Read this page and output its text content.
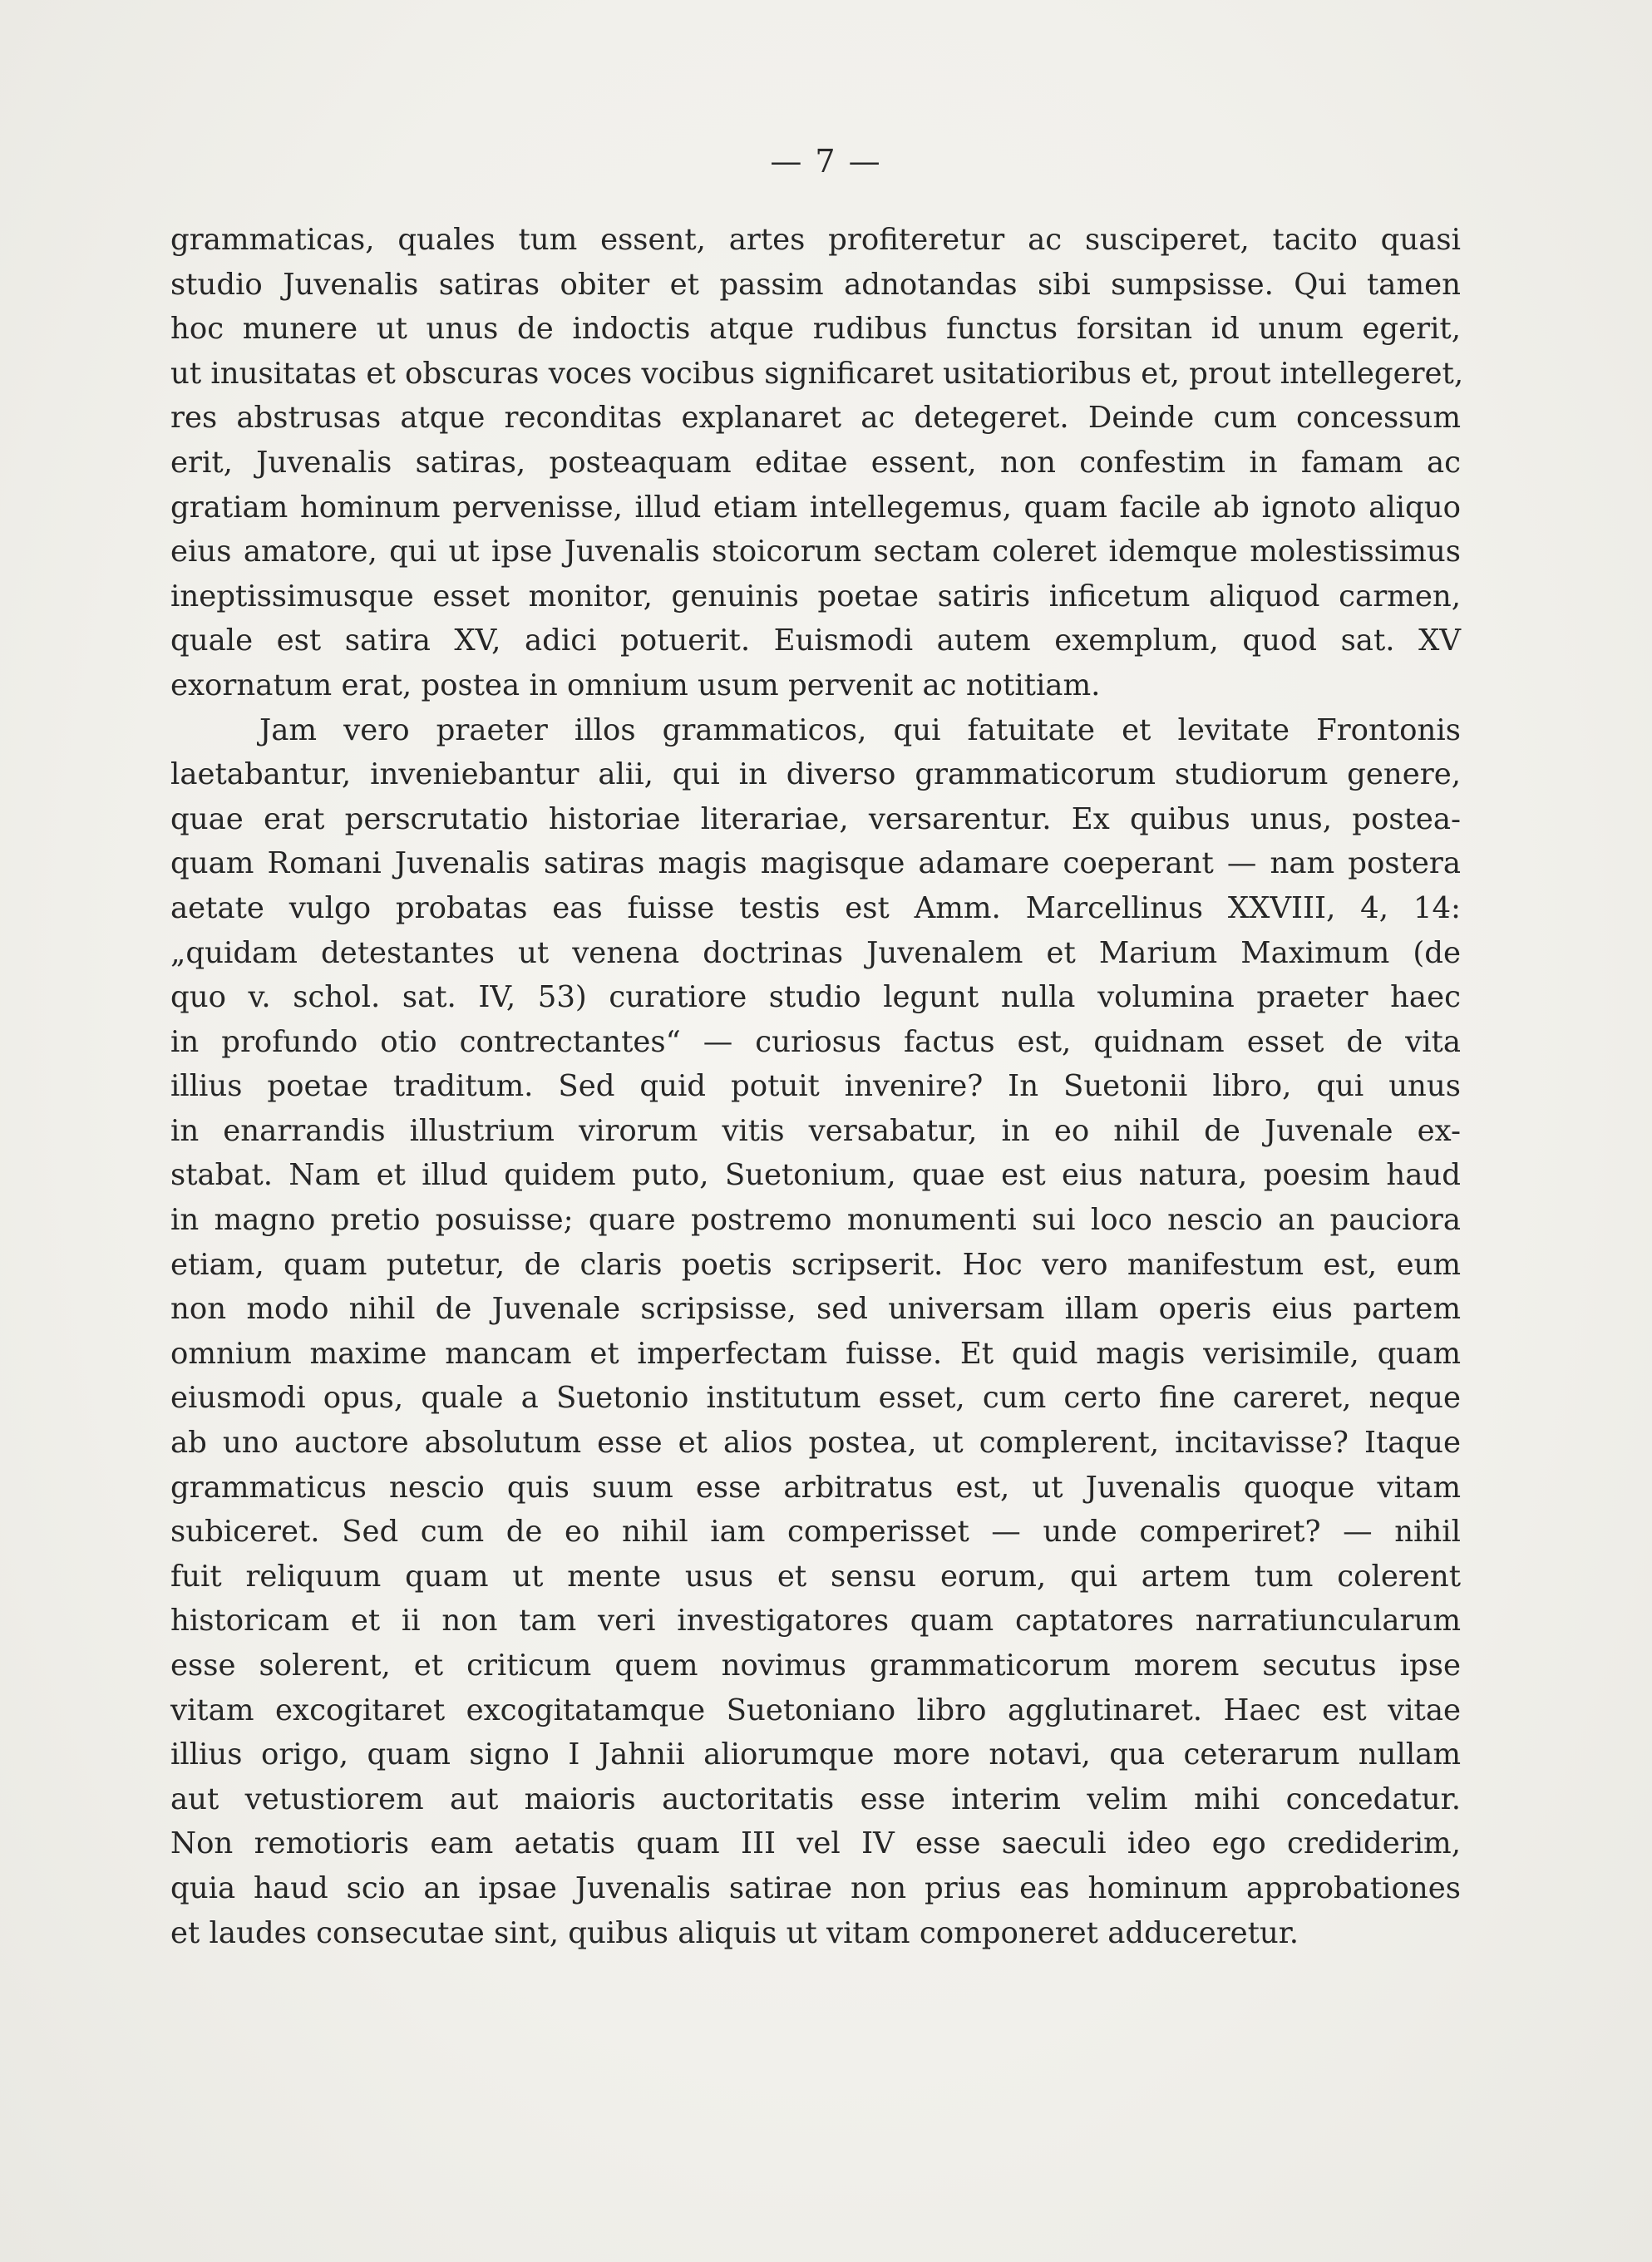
— 7 —
grammaticas, quales tum essent, artes profiteretur ac susciperet, tacito quasi
studio Juvenalis satiras obiter et passim adnotandas sibi sumpsisse. Qui tamen
hoc munere ut unus de indoctis atque rudibus functus forsitan id unum egerit,
ut inusitatas et obscuras voces vocibus significaret usitatioribus et, prout intellegeret,
res abstrusas atque reconditas explanaret ac detegeret. Deinde cum concessum
erit, Juvenalis satiras, posteaquam editae essent, non confestim in famam ac
gratiam hominum pervenisse, illud etiam intellegemus, quam facile ab ignoto aliquo
eius amatore, qui ut ipse Juvenalis stoicorum sectam coleret idemque molestissimus
ineptissimusque esset monitor, genuinis poetae satiris inficetum aliquod carmen,
quale est satira XV, adici potuerit. Euismodi autem exemplum, quod sat. XV
exornatum erat, postea in omnium usum pervenit ac notitiam.
Jam vero praeter illos grammaticos, qui fatuitate et levitate Frontonis
laetabantur, inveniebantur alii, qui in diverso grammaticorum studiorum genere,
quae erat perscrutatio historiae literariae, versarentur. Ex quibus unus, postea-
quam Romani Juvenalis satiras magis magisque adamare coeperant — nam postera
aetate vulgo probatas eas fuisse testis est Amm. Marcellinus XXVIII, 4, 14:
„quidam detestantes ut venena doctrinas Juvenalem et Marium Maximum (de
quo v. schol. sat. IV, 53) curatiore studio legunt nulla volumina praeter haec
in profundo otio contrectantes“ — curiosus factus est, quidnam esset de vita
illius poetae traditum. Sed quid potuit invenire? In Suetonii libro, qui unus
in enarrandis illustrium virorum vitis versabatur, in eo nihil de Juvenale ex-
stabat. Nam et illud quidem puto, Suetonium, quae est eius natura, poesim haud
in magno pretio posuisse; quare postremo monumenti sui loco nescio an pauciora
etiam, quam putetur, de claris poetis scripserit. Hoc vero manifestum est, eum
non modo nihil de Juvenale scripsisse, sed universam illam operis eius partem
omnium maxime mancam et imperfectam fuisse. Et quid magis verisimile, quam
eiusmodi opus, quale a Suetonio institutum esset, cum certo fine careret, neque
ab uno auctore absolutum esse et alios postea, ut complerent, incitavisse? Itaque
grammaticus nescio quis suum esse arbitratus est, ut Juvenalis quoque vitam
subiceret. Sed cum de eo nihil iam comperisset — unde comperiret? — nihil
fuit reliquum quam ut mente usus et sensu eorum, qui artem tum colerent
historicam et ii non tam veri investigatores quam captatores narratiuncularum
esse solerent, et criticum quem novimus grammaticorum morem secutus ipse
vitam excogitaret excogitatamque Suetoniano libro agglutinaret. Haec est vitae
illius origo, quam signo I Jahnii aliorumque more notavi, qua ceterarum nullam
aut vetustiorem aut maioris auctoritatis esse interim velim mihi concedatur.
Non remotioris eam aetatis quam III vel IV esse saeculi ideo ego crediderim,
quia haud scio an ipsae Juvenalis satirae non prius eas hominum approbationes
et laudes consecutae sint, quibus aliquis ut vitam componeret adduceretur.
